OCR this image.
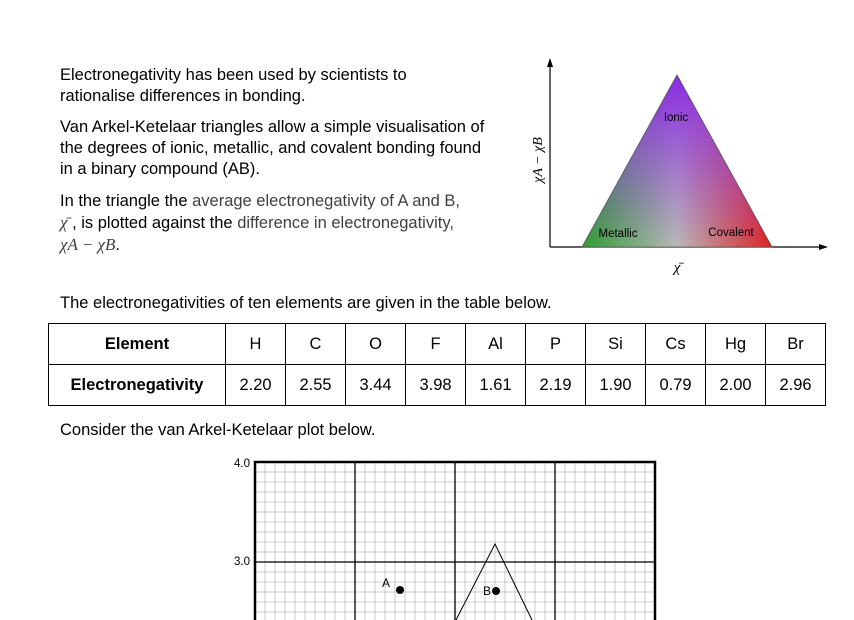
Electronegativity has been used by scientists to rationalise differences in bonding.

Van Arkel-Ketelaar triangles allow a simple visualisation of the degrees of ionic, metallic, and covalent bonding found in a binary compound (AB).

In the triangle the average electronegativity of A and B,
χ̄ , is plotted against the difference in electronegativity,
χA − χB.

Ionic
Metallic	Covalent
χA − χB
χ̄

The electronegativities of ten elements are given in the table below.

Element	H	C	O	F	Al	P	Si	Cs	Hg	Br
Electronegativity	2.20	2.55	3.44	3.98	1.61	2.19	1.90	0.79	2.00	2.96

Consider the van Arkel-Ketelaar plot below.

4.0
3.0
A
B
